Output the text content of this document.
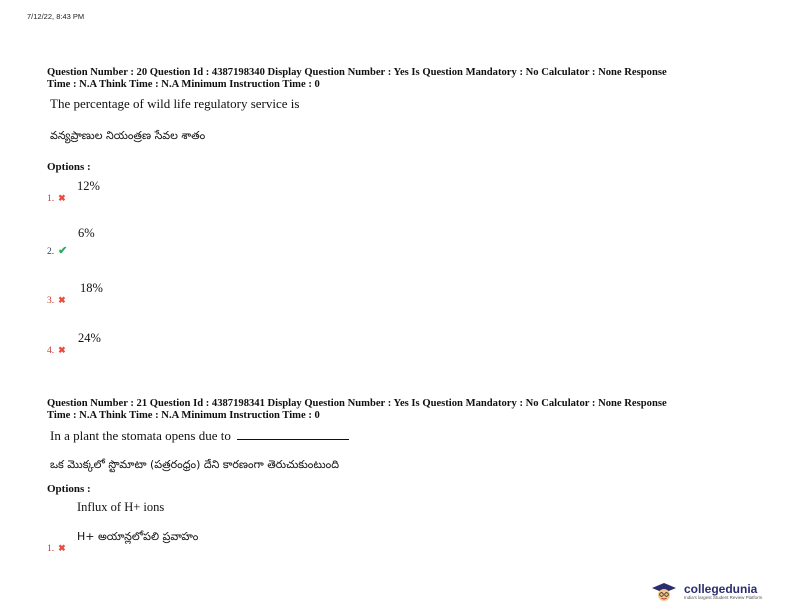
7/12/22, 8:43 PM
Question Number : 20 Question Id : 4387198340 Display Question Number : Yes Is Question Mandatory : No Calculator : None Response
Time : N.A Think Time : N.A Minimum Instruction Time : 0
The percentage of wild life regulatory service is
వన్యప్రాణుల నియంత్రణ సేవల శాతం
Options :
12%
1. ✖
6%
2. ✔
18%
3. ✖
24%
4. ✖
Question Number : 21 Question Id : 4387198341 Display Question Number : Yes Is Question Mandatory : No Calculator : None Response
Time : N.A Think Time : N.A Minimum Instruction Time : 0
In a plant the stomata opens due to
ఒక మొక్కలో స్టొమాటా (పత్రరంధ్రం) దేని కారణంగా తెరుచుకుంటుంది
Options :
Influx of H+ ions
H+ అయాన్లలోపలి ప్రవాహం
1. ✖
collegedunia
India's largest Student Review Platform
